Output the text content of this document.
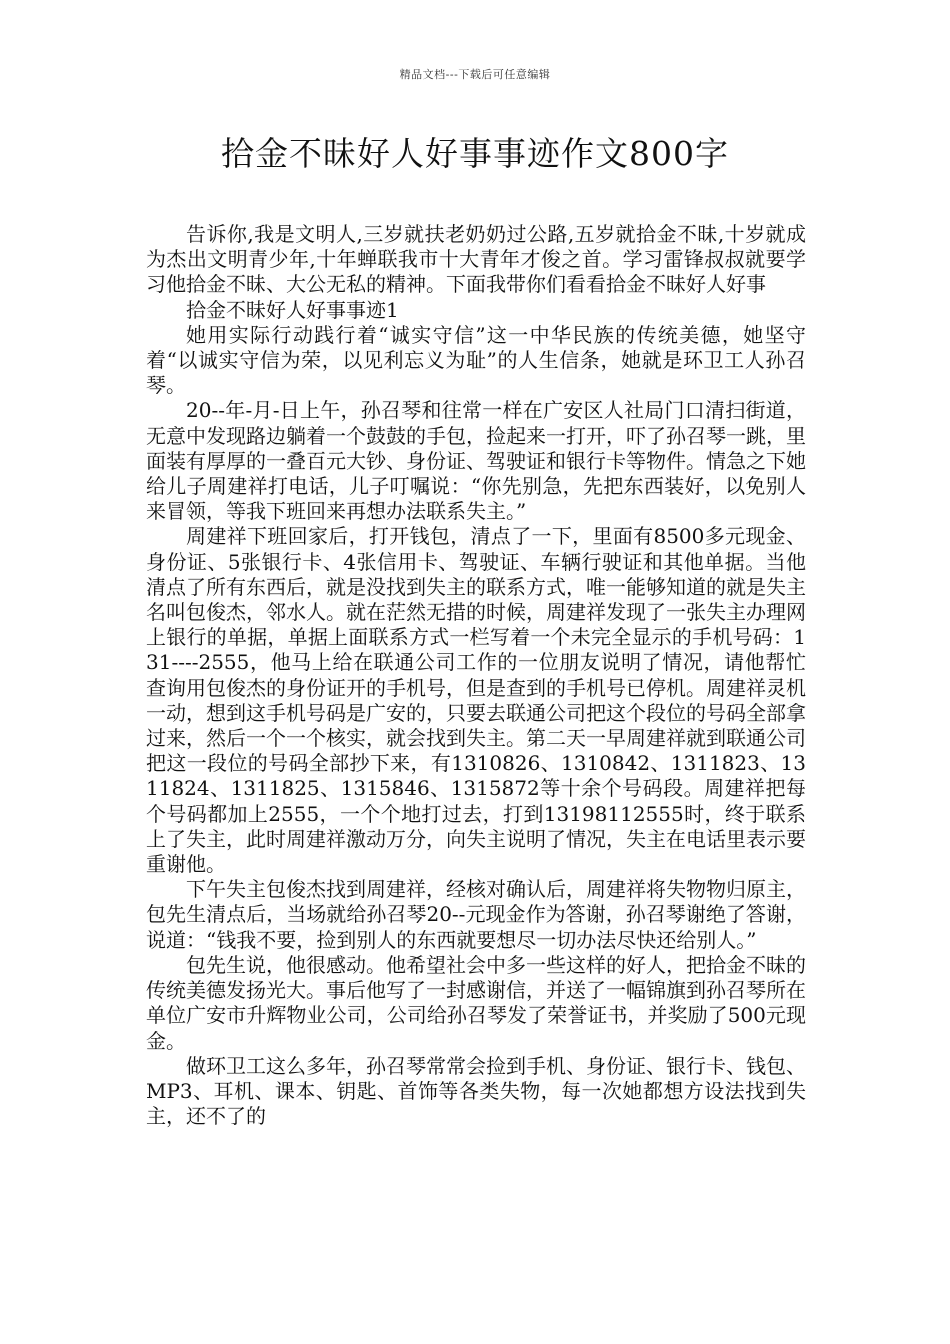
精品文档---下载后可任意编辑
拾金不昧好人好事事迹作文800字

告诉你,我是文明人,三岁就扶老奶奶过公路,五岁就拾金不昧,十岁就成为杰出文明青少年,十年蝉联我市十大青年才俊之首。学习雷锋叔叔就要学习他拾金不昧、大公无私的精神。下面我带你们看看拾金不昧好人好事

拾金不昧好人好事事迹1

她用实际行动践行着“诚实守信”这一中华民族的传统美德，她坚守着“以诚实守信为荣，以见利忘义为耻”的人生信条，她就是环卫工人孙召琴。

20--年-月-日上午，孙召琴和往常一样在广安区人社局门口清扫街道，无意中发现路边躺着一个鼓鼓的手包，捡起来一打开，吓了孙召琴一跳，里面装有厚厚的一叠百元大钞、身份证、驾驶证和银行卡等物件。情急之下她给儿子周建祥打电话，儿子叮嘱说：“你先别急，先把东西装好，以免别人来冒领，等我下班回来再想办法联系失主。”

周建祥下班回家后，打开钱包，清点了一下，里面有8500多元现金、身份证、5张银行卡、4张信用卡、驾驶证、车辆行驶证和其他单据。当他清点了所有东西后，就是没找到失主的联系方式，唯一能够知道的就是失主名叫包俊杰，邻水人。就在茫然无措的时候，周建祥发现了一张失主办理网上银行的单据，单据上面联系方式一栏写着一个未完全显示的手机号码：131----2555，他马上给在联通公司工作的一位朋友说明了情况，请他帮忙查询用包俊杰的身份证开的手机号，但是查到的手机号已停机。周建祥灵机一动，想到这手机号码是广安的，只要去联通公司把这个段位的号码全部拿过来，然后一个一个核实，就会找到失主。第二天一早周建祥就到联通公司把这一段位的号码全部抄下来，有1310826、1310842、1311823、1311824、1311825、1315846、1315872等十余个号码段。周建祥把每个号码都加上2555，一个个地打过去，打到13198112555时，终于联系上了失主，此时周建祥激动万分，向失主说明了情况，失主在电话里表示要重谢他。

下午失主包俊杰找到周建祥，经核对确认后，周建祥将失物物归原主，包先生清点后，当场就给孙召琴20--元现金作为答谢，孙召琴谢绝了答谢，说道：“钱我不要，捡到别人的东西就要想尽一切办法尽快还给别人。”

包先生说，他很感动。他希望社会中多一些这样的好人，把拾金不昧的传统美德发扬光大。事后他写了一封感谢信，并送了一幅锦旗到孙召琴所在单位广安市升辉物业公司，公司给孙召琴发了荣誉证书，并奖励了500元现金。

做环卫工这么多年，孙召琴常常会捡到手机、身份证、银行卡、钱包、MP3、耳机、课本、钥匙、首饰等各类失物，每一次她都想方设法找到失主，还不了的
